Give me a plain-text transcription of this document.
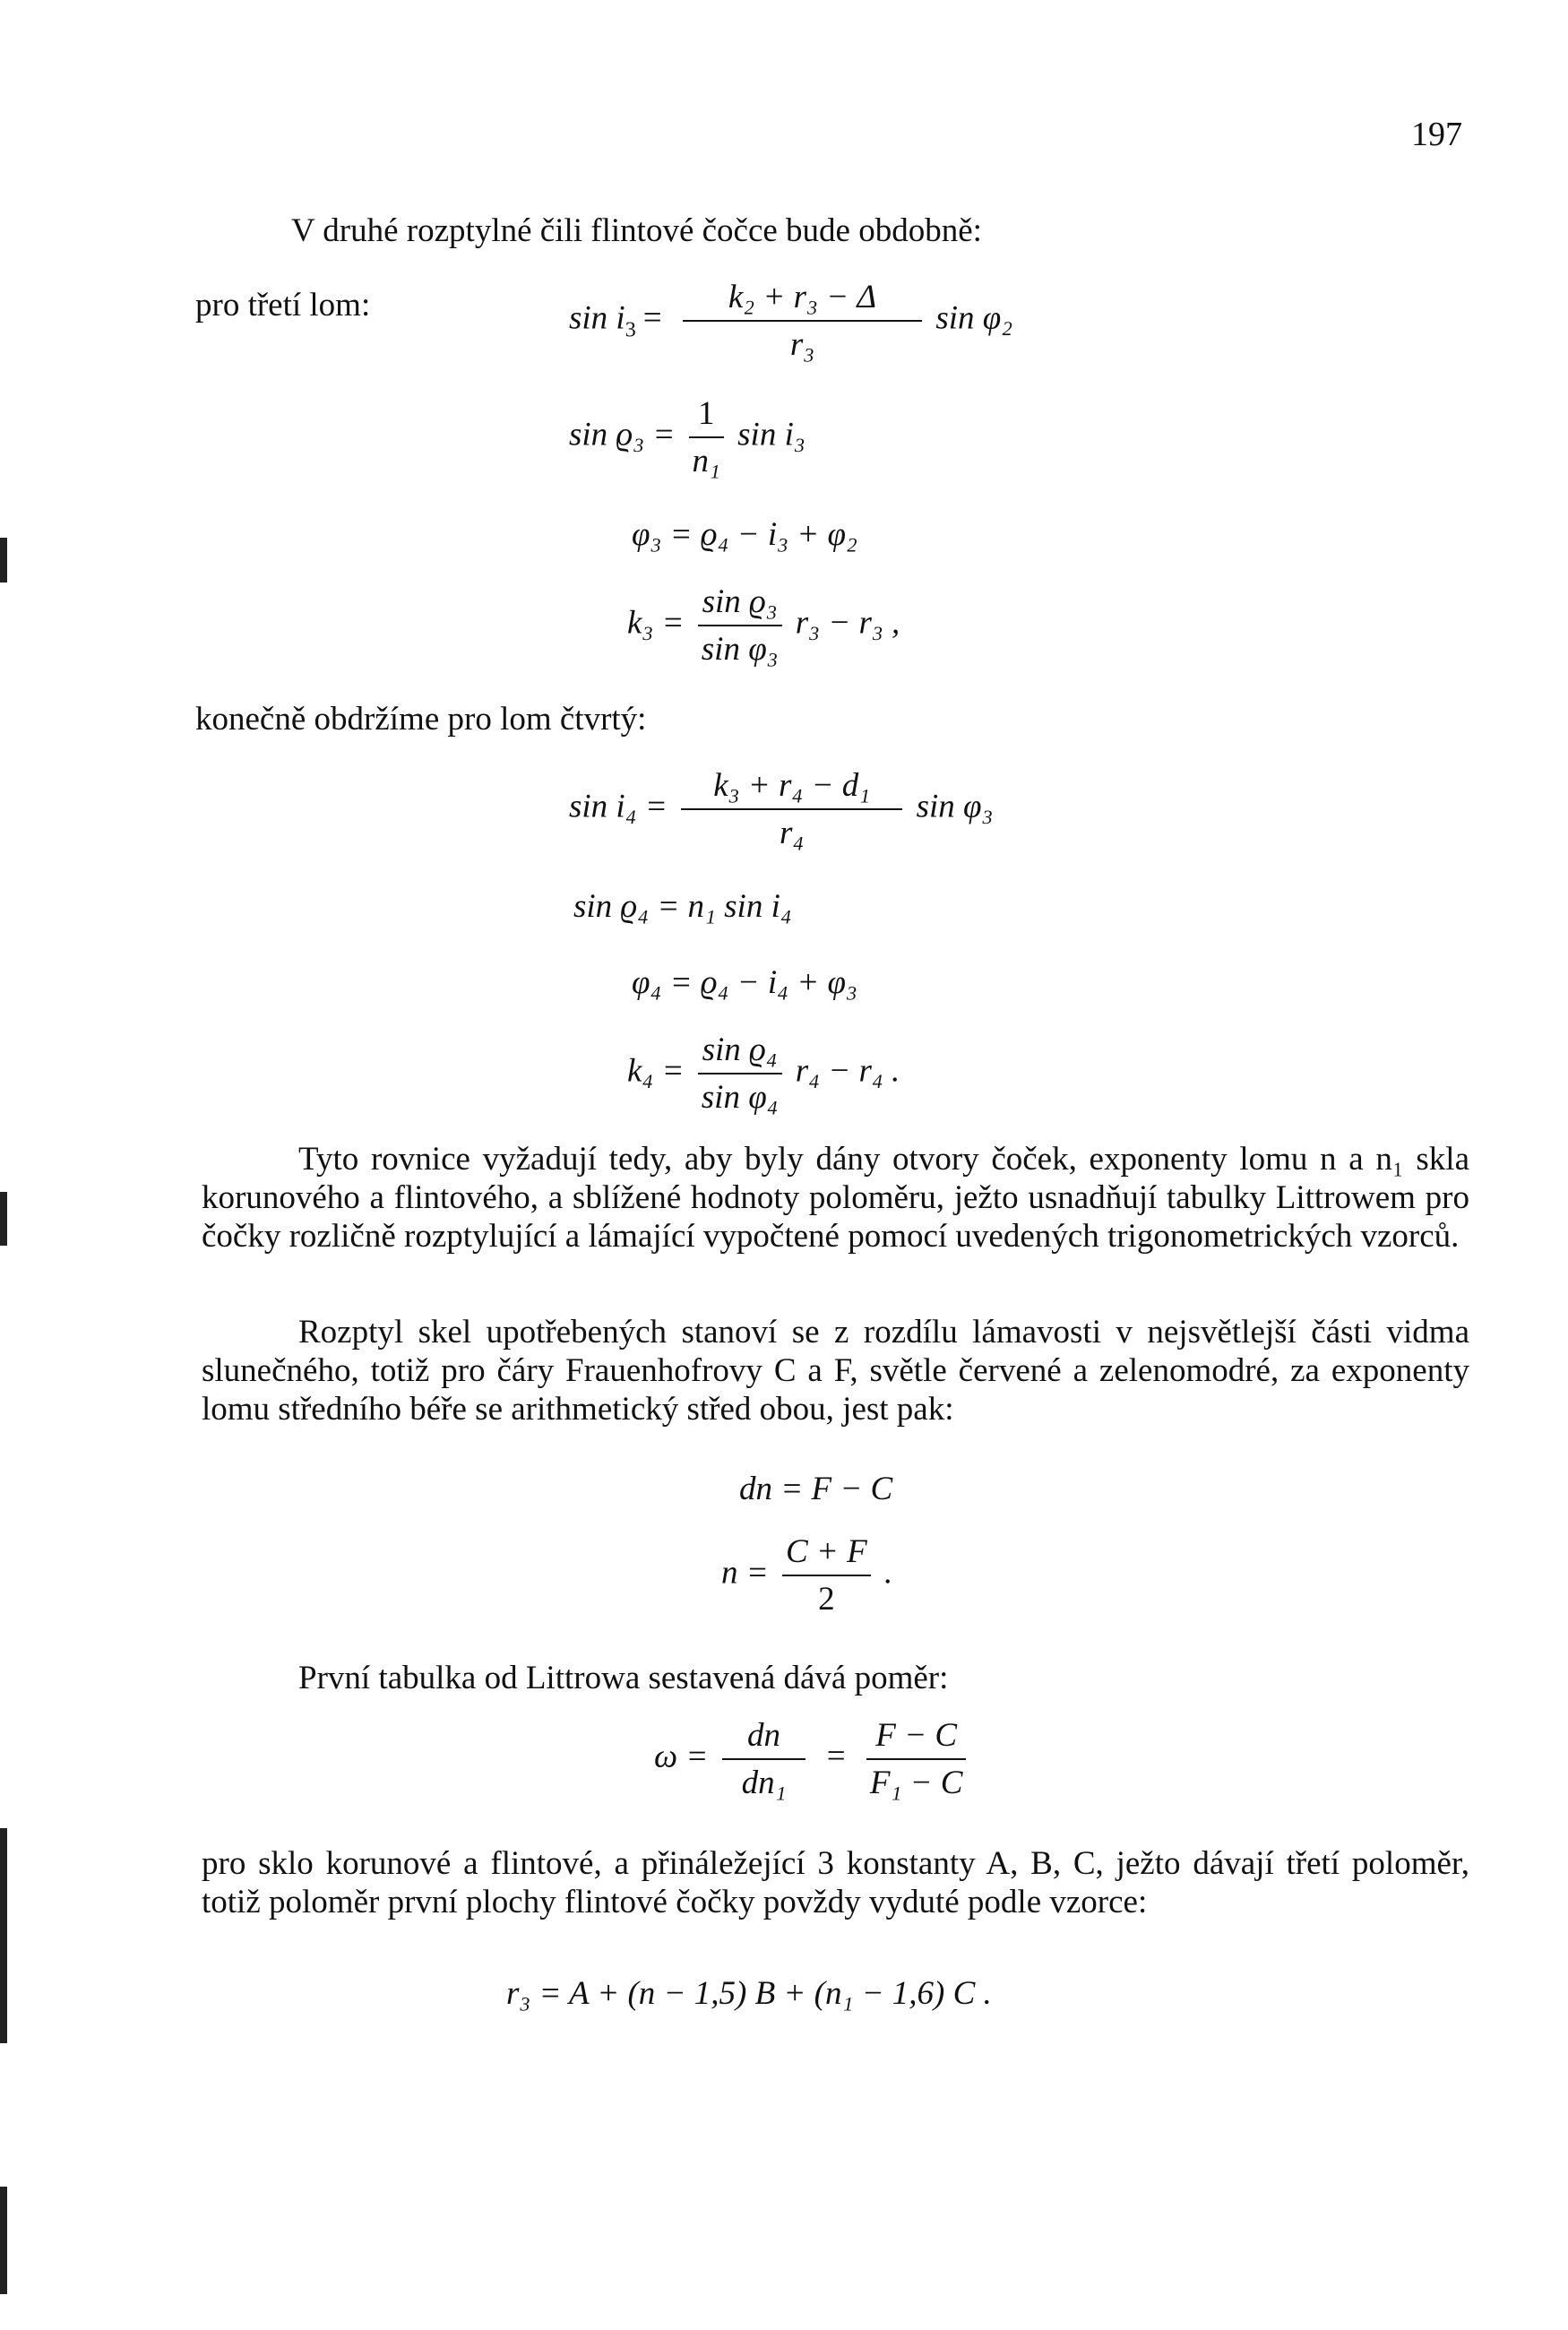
197
V druhé rozptylné čili flintové čočce bude obdobně:
pro třetí lom:	$\sin i_3 = \frac{\text{k₂ + r₃ − Δ}}{\text{r₃}}$ sin φ₂
$\sin ϱ_3 = \frac{1}{\text{n₁}}$ sin i₃
φ₃ = ϱ₄ − i₃ + φ₂
$k_3 = \frac{\text{sin ϱ₃}}{\text{sin φ₃}} r_3 - r_3$ ,
konečně obdržíme pro lom čtvrtý:
$\sin i_4 = \frac{\text{k₃ + r₄ − d₁}}{\text{r₄}}$ sin φ₃
sin ϱ₄ = n₁ sin i₄
φ₄ = ϱ₄ − i₄ + φ₃
$k_4 = \frac{\text{sin ϱ₄}}{\text{sin φ₄}} r_4 - r_4$ .
Tyto rovnice vyžadují tedy, aby byly dány otvory čoček, exponenty lomu n a n₁ skla korunového a flintového, a sblížené hodnoty poloměru, ježto usnadňují tabulky Littrowem pro čočky rozličně rozptylující a lámající vypočtené pomocí uvedených trigonometrických vzorců.
Rozptyl skel upotřebených stanoví se z rozdílu lámavosti v nejsvětlejší části vidma slunečného, totiž pro čáry Frauenhofrovy C a F, světle červené a zelenomodré, za exponenty lomu středního béře se arithmetický střed obou, jest pak:
dn = F − C
$n = \frac{C + F}{2}$ .
První tabulka od Littrowa sestavená dává poměr:
$\omega = \frac{dn}{\text{dn₁}} = \frac{F - C}{\text{F₁ − C}}$
pro sklo korunové a flintové, a přináležející 3 konstanty A, B, C, ježto dávají třetí poloměr, totiž poloměr první plochy flintové čočky povždy vyduté podle vzorce:
r₃ = A + (n − 1,5) B + (n₁ − 1,6) C .
